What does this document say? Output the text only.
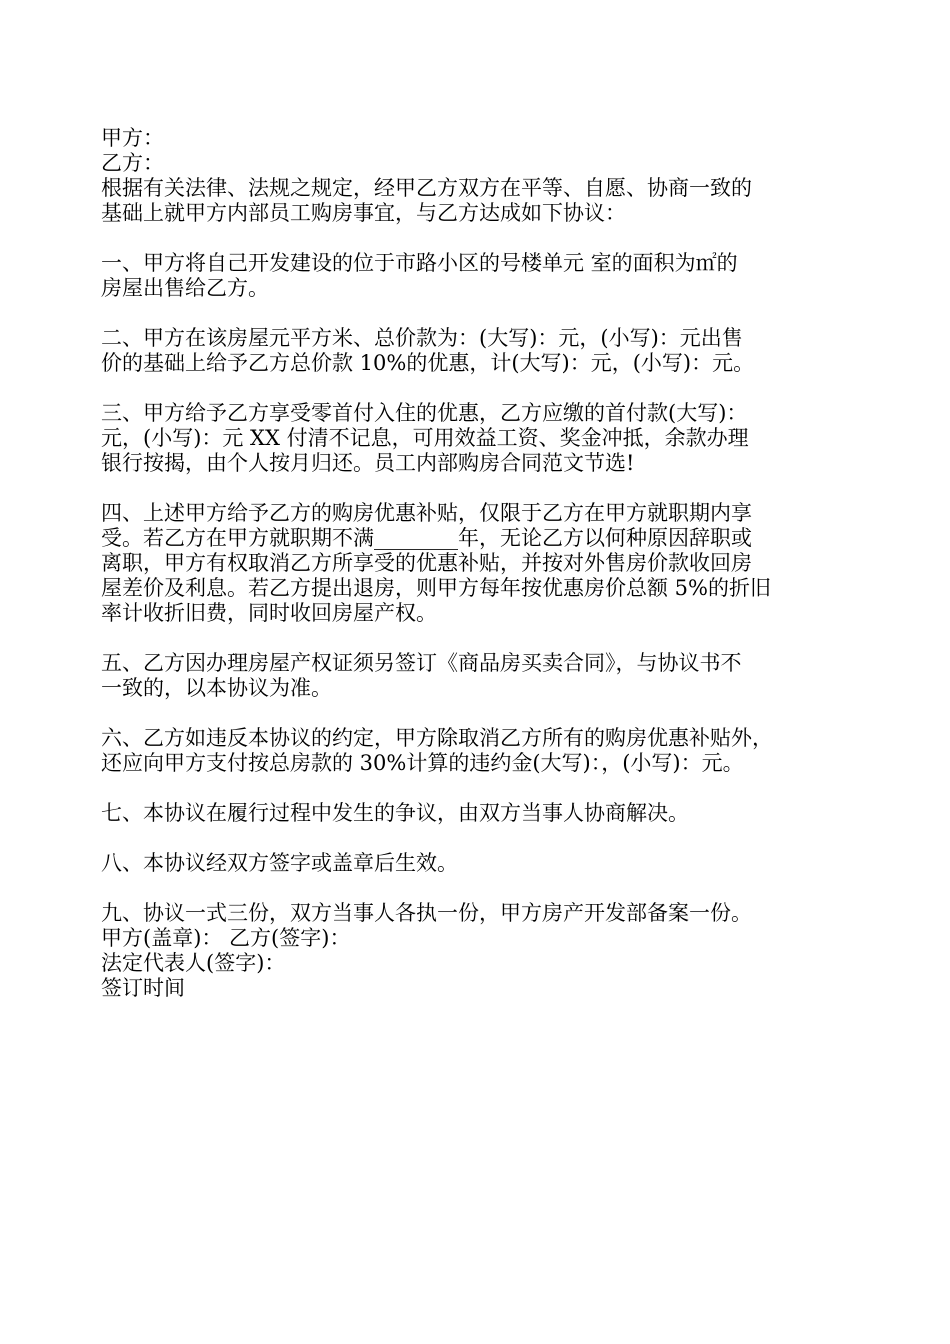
甲方：

乙方：

根据有关法律、法规之规定，经甲乙方双方在平等、自愿、协商一致的
基础上就甲方内部员工购房事宜，与乙方达成如下协议：
一、甲方将自己开发建设的位于市路小区的号楼单元 室的面积为㎡的
房屋出售给乙方。
二、甲方在该房屋元平方米、总价款为：(大写)：元，(小写)：元出售
价的基础上给予乙方总价款 10%的优惠，计(大写)：元，(小写)：元。
三、甲方给予乙方享受零首付入住的优惠，乙方应缴的首付款(大写)：
元，(小写)：元 XX 付清不记息，可用效益工资、奖金冲抵，余款办理
银行按揭，由个人按月归还。员工内部购房合同范文节选!
四、上述甲方给予乙方的购房优惠补贴，仅限于乙方在甲方就职期内享
受。若乙方在甲方就职期不满________年，无论乙方以何种原因辞职或
离职，甲方有权取消乙方所享受的优惠补贴，并按对外售房价款收回房
屋差价及利息。若乙方提出退房，则甲方每年按优惠房价总额 5%的折旧
率计收折旧费，同时收回房屋产权。
五、乙方因办理房屋产权证须另签订《商品房买卖合同》，与协议书不
一致的，以本协议为准。
六、乙方如违反本协议的约定，甲方除取消乙方所有的购房优惠补贴外，
还应向甲方支付按总房款的 30%计算的违约金(大写)：，(小写)：元。
七、本协议在履行过程中发生的争议，由双方当事人协商解决。
八、本协议经双方签字或盖章后生效。
九、协议一式三份，双方当事人各执一份，甲方房产开发部备案一份。

甲方(盖章)： 乙方(签字)：

法定代表人(签字)：

签订时间
